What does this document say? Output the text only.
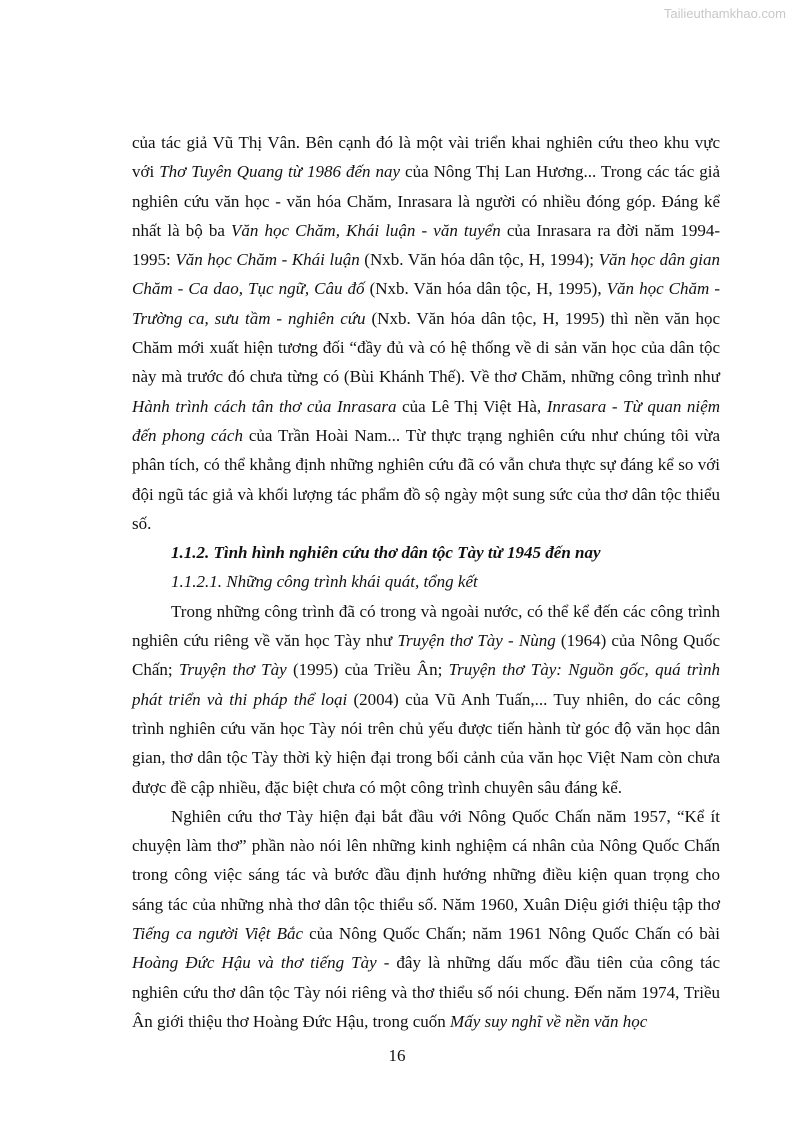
Tailieuthamkhao.com

của tác giả Vũ Thị Vân. Bên cạnh đó là một vài triển khai nghiên cứu theo khu vực với Thơ Tuyên Quang từ 1986 đến nay của Nông Thị Lan Hương... Trong các tác giả nghiên cứu văn học - văn hóa Chăm, Inrasara là người có nhiều đóng góp. Đáng kể nhất là bộ ba Văn học Chăm, Khái luận - văn tuyển của Inrasara ra đời năm 1994-1995: Văn học Chăm - Khái luận (Nxb. Văn hóa dân tộc, H, 1994); Văn học dân gian Chăm - Ca dao, Tục ngữ, Câu đố (Nxb. Văn hóa dân tộc, H, 1995), Văn học Chăm - Trường ca, sưu tầm - nghiên cứu (Nxb. Văn hóa dân tộc, H, 1995) thì nền văn học Chăm mới xuất hiện tương đối “đầy đủ và có hệ thống về di sản văn học của dân tộc này mà trước đó chưa từng có (Bùi Khánh Thế). Về thơ Chăm, những công trình như Hành trình cách tân thơ của Inrasara của Lê Thị Việt Hà, Inrasara - Từ quan niệm đến phong cách của Trần Hoài Nam... Từ thực trạng nghiên cứu như chúng tôi vừa phân tích, có thể khẳng định những nghiên cứu đã có vẫn chưa thực sự đáng kể so với đội ngũ tác giả và khối lượng tác phẩm đồ sộ ngày một sung sức của thơ dân tộc thiểu số.

1.1.2. Tình hình nghiên cứu thơ dân tộc Tày từ 1945 đến nay

1.1.2.1. Những công trình khái quát, tổng kết

Trong những công trình đã có trong và ngoài nước, có thể kể đến các công trình nghiên cứu riêng về văn học Tày như Truyện thơ Tày - Nùng (1964) của Nông Quốc Chấn; Truyện thơ Tày (1995) của Triều Ân; Truyện thơ Tày: Nguồn gốc, quá trình phát triển và thi pháp thể loại (2004) của Vũ Anh Tuấn,... Tuy nhiên, do các công trình nghiên cứu văn học Tày nói trên chủ yếu được tiến hành từ góc độ văn học dân gian, thơ dân tộc Tày thời kỳ hiện đại trong bối cảnh của văn học Việt Nam còn chưa được đề cập nhiều, đặc biệt chưa có một công trình chuyên sâu đáng kể.

Nghiên cứu thơ Tày hiện đại bắt đầu với Nông Quốc Chấn năm 1957, “Kể ít chuyện làm thơ” phần nào nói lên những kinh nghiệm cá nhân của Nông Quốc Chấn trong công việc sáng tác và bước đầu định hướng những điều kiện quan trọng cho sáng tác của những nhà thơ dân tộc thiểu số. Năm 1960, Xuân Diệu giới thiệu tập thơ Tiếng ca người Việt Bắc của Nông Quốc Chấn; năm 1961 Nông Quốc Chấn có bài Hoàng Đức Hậu và thơ tiếng Tày - đây là những dấu mốc đầu tiên của công tác nghiên cứu thơ dân tộc Tày nói riêng và thơ thiểu số nói chung. Đến năm 1974, Triều Ân giới thiệu thơ Hoàng Đức Hậu, trong cuốn Mấy suy nghĩ về nền văn học

16
